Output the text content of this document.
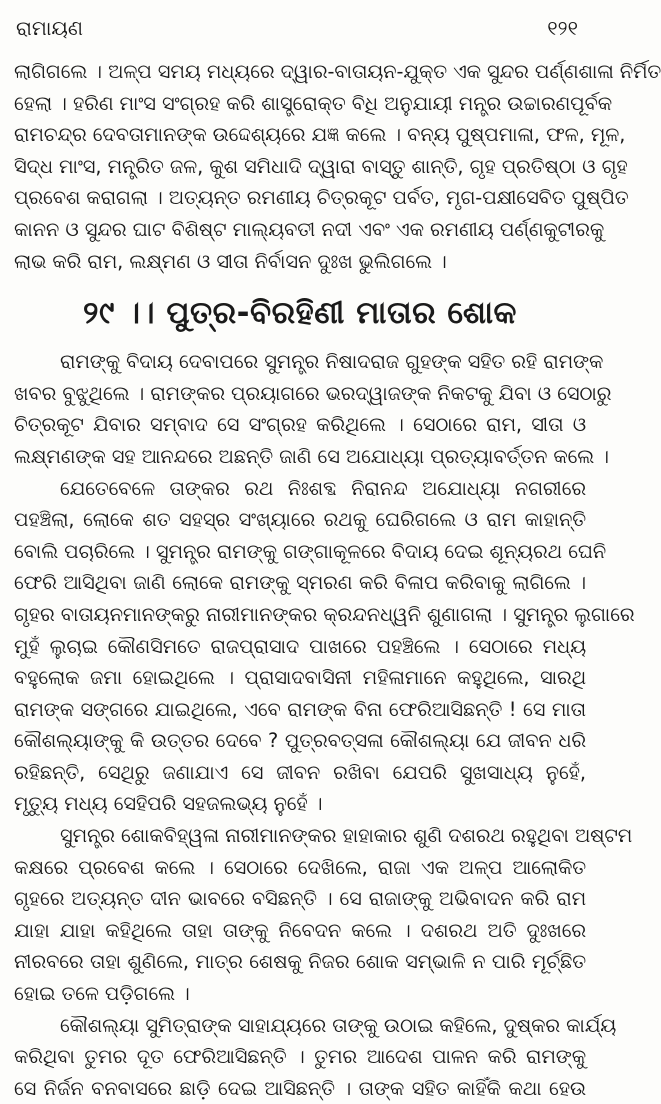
ରାମାୟଣ	୧୨୧

ଲାଗିଗଲେ । ଅଳ୍ପ ସମୟ ମଧ୍ୟରେ ଦ୍ୱାର-ବାତାୟନ-ଯୁକ୍ତ ଏକ ସୁନ୍ଦର ପର୍ଣ୍ଣଶାଳା ନିର୍ମିତ

ହେଲା । ହରିଣ ମାଂସ ସଂଗ୍ରହ କରି ଶାସ୍ତ୍ରୋକ୍ତ ବିଧି ଅନୁଯାୟୀ ମନ୍ତ୍ର ଉଚ୍ଚାରଣପୂର୍ବକ

ରାମଚନ୍ଦ୍ର ଦେବତାମାନଙ୍କ ଉଦ୍ଦେଶ୍ୟରେ ଯଜ୍ଞ କଲେ । ବନ୍ୟ ପୁଷ୍ପମାଳା, ଫଳ, ମୂଳ,

ସିଦ୍ଧ ମାଂସ, ମନ୍ତ୍ରିତ ଜଳ, କୁଶ ସମିଧାଦି ଦ୍ୱାରା ବାସ୍ତୁ ଶାନ୍ତି, ଗୃହ ପ୍ରତିଷ୍ଠା ଓ ଗୃହ

ପ୍ରବେଶ କରାଗଲା । ଅତ୍ୟନ୍ତ ରମଣୀୟ ଚିତ୍ରକୂଟ ପର୍ବତ, ମୃଗ-ପକ୍ଷୀସେବିତ ପୁଷ୍ପିତ

କାନନ ଓ ସୁନ୍ଦର ଘାଟ ବିଶିଷ୍ଟ ମାଲ୍ୟବତୀ ନଦୀ ଏବଂ ଏକ ରମଣୀୟ ପର୍ଣ୍ଣକୁଟୀରକୁ

ଲାଭ କରି ରାମ, ଲକ୍ଷ୍ମଣ ଓ ସୀତା ନିର୍ବାସନ ଦୁଃଖ ଭୁଲିଗଲେ ।

୨୯ ।। ପୁତ୍ର-ବିରହିଣୀ ମାତାର ଶୋକ

ରାମଙ୍କୁ ବିଦାୟ ଦେବାପରେ ସୁମନ୍ତ୍ର ନିଷାଦରାଜ ଗୁହଙ୍କ ସହିତ ରହି ରାମଙ୍କ

ଖବର ବୁଝୁଥିଲେ । ରାମଙ୍କର ପ୍ରୟାଗରେ ଭରଦ୍ୱାଜଙ୍କ ନିକଟକୁ ଯିବା ଓ ସେଠାରୁ

ଚିତ୍ରକୂଟ ଯିବାର ସମ୍ବାଦ ସେ ସଂଗ୍ରହ କରିଥିଲେ । ସେଠାରେ ରାମ, ସୀତା ଓ

ଲକ୍ଷ୍ମଣଙ୍କ ସହ ଆନନ୍ଦରେ ଅଛନ୍ତି ଜାଣି ସେ ଅଯୋଧ୍ୟା ପ୍ରତ୍ୟାବର୍ତ୍ତନ କଲେ ।

ଯେତେବେଳେ ତାଙ୍କର ରଥ ନିଃଶବ୍ଦ ନିରାନନ୍ଦ ଅଯୋଧ୍ୟା ନଗରୀରେ

ପହଞ୍ଚିଲା, ଲୋକେ ଶତ ସହସ୍ର ସଂଖ୍ୟାରେ ରଥକୁ ଘେରିଗଲେ ଓ ରାମ କାହାନ୍ତି

ବୋଲି ପଚାରିଲେ । ସୁମନ୍ତ୍ର ରାମଙ୍କୁ ଗଙ୍ଗାକୂଳରେ ବିଦାୟ ଦେଇ ଶୂନ୍ୟରଥ ଘେନି

ଫେରି ଆସିଥିବା ଜାଣି ଲୋକେ ରାମଙ୍କୁ ସ୍ମରଣ କରି ବିଳାପ କରିବାକୁ ଲାଗିଲେ ।

ଗୃହର ବାତାୟନମାନଙ୍କରୁ ନାରୀମାନଙ୍କର କ୍ରନ୍ଦନଧ୍ୱନି ଶୁଣାଗଲା । ସୁମନ୍ତ୍ର ଲୁଗାରେ

ମୁହଁ ଲୁଚାଇ କୌଣସିମତେ ରାଜପ୍ରାସାଦ ପାଖରେ ପହଞ୍ଚିଲେ । ସେଠାରେ ମଧ୍ୟ

ବହୁଲୋକ ଜମା ହୋଇଥିଲେ । ପ୍ରାସାଦବାସିନୀ ମହିଳାମାନେ କହୁଥିଲେ, ସାରଥି

ରାମଙ୍କ ସଙ୍ଗରେ ଯାଇଥିଲେ, ଏବେ ରାମଙ୍କ ବିନା ଫେରିଆସିଛନ୍ତି ! ସେ ମାତା

କୌଶଲ୍ୟାଙ୍କୁ କି ଉତ୍ତର ଦେବେ ? ପୁତ୍ରବତ୍ସଳା କୌଶଲ୍ୟା ଯେ ଜୀବନ ଧରି

ରହିଛନ୍ତି, ସେଥିରୁ ଜଣାଯାଏ ସେ ଜୀବନ ରଖିବା ଯେପରି ସୁଖସାଧ୍ୟ ନୁହେଁ,

ମୃତ୍ୟୁ ମଧ୍ୟ ସେହିପରି ସହଜଲଭ୍ୟ ନୁହେଁ ।

ସୁମନ୍ତ୍ର ଶୋକବିହ୍ୱଳା ନାରୀମାନଙ୍କର ହାହାକାର ଶୁଣି ଦଶରଥ ରହୁଥିବା ଅଷ୍ଟମ

କକ୍ଷରେ ପ୍ରବେଶ କଲେ । ସେଠାରେ ଦେଖିଲେ, ରାଜା ଏକ ଅଳ୍ପ ଆଲୋକିତ

ଗୃହରେ ଅତ୍ୟନ୍ତ ଦୀନ ଭାବରେ ବସିଛନ୍ତି । ସେ ରାଜାଙ୍କୁ ଅଭିବାଦନ କରି ରାମ

ଯାହା ଯାହା କହିଥିଲେ ତାହା ତାଙ୍କୁ ନିବେଦନ କଲେ । ଦଶରଥ ଅତି ଦୁଃଖରେ

ନୀରବରେ ତାହା ଶୁଣିଲେ, ମାତ୍ର ଶେଷକୁ ନିଜର ଶୋକ ସମ୍ଭାଳି ନ ପାରି ମୂର୍ଚ୍ଛିତ

ହୋଇ ତଳେ ପଡ଼ିଗଲେ ।

କୌଶଲ୍ୟା ସୁମିତ୍ରାଙ୍କ ସାହାଯ୍ୟରେ ତାଙ୍କୁ ଉଠାଇ କହିଲେ, ଦୁଷ୍କର କାର୍ଯ୍ୟ

କରିଥିବା ତୁମର ଦୂତ ଫେରିଆସିଛନ୍ତି । ତୁମର ଆଦେଶ ପାଳନ କରି ରାମଙ୍କୁ

ସେ ନିର୍ଜନ ବନବାସରେ ଛାଡ଼ି ଦେଇ ଆସିଛନ୍ତି । ତାଙ୍କ ସହିତ କାହିଁକି କଥା ହେଉ
